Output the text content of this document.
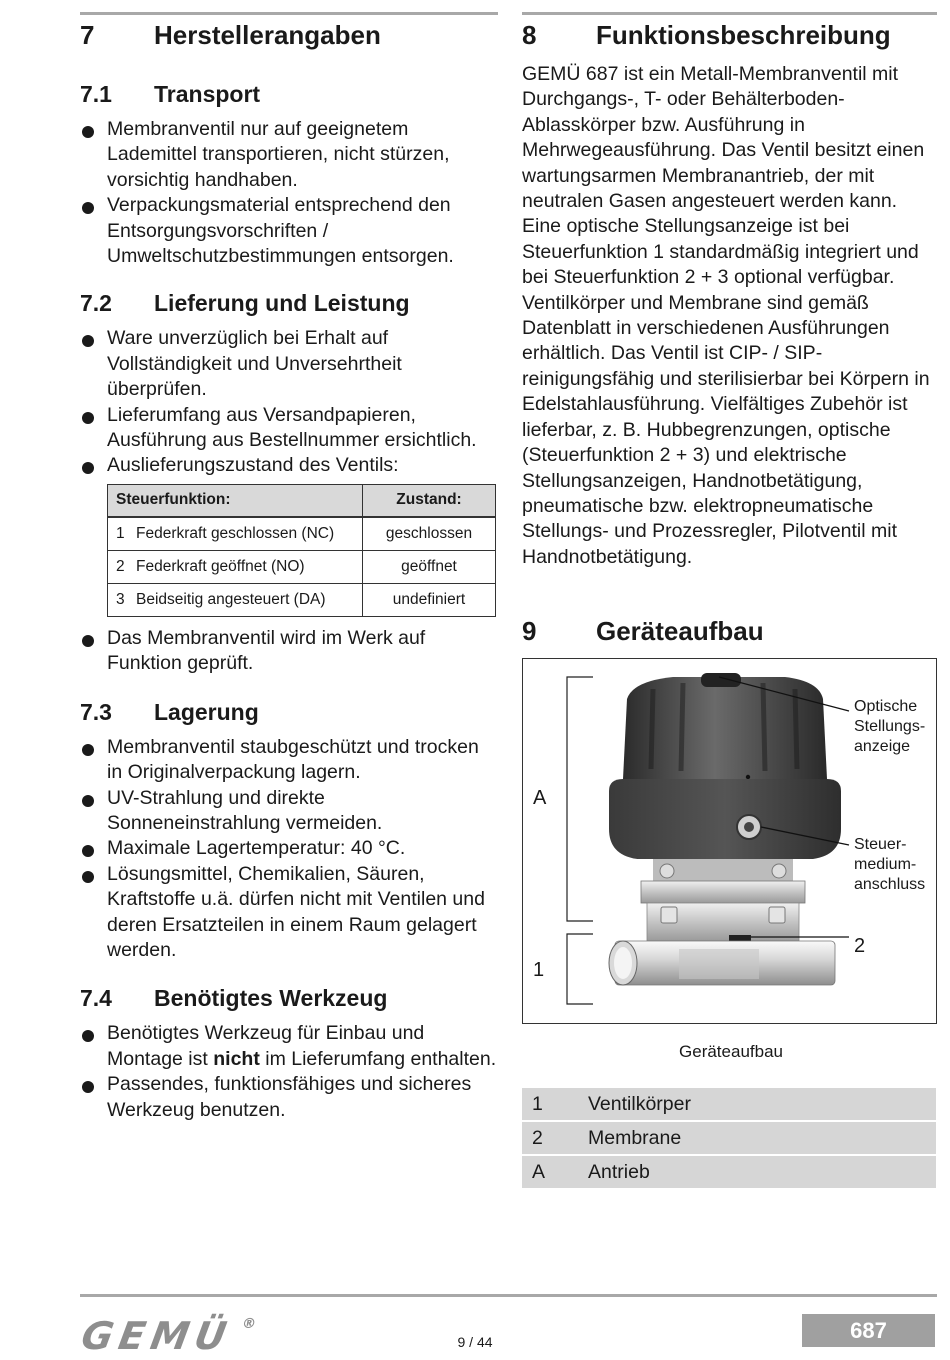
7	Herstellerangaben
7.1	Transport
Membranventil nur auf geeignetem Lademittel transportieren, nicht stürzen, vorsichtig handhaben.
Verpackungsmaterial entsprechend den Entsorgungsvorschriften / Umweltschutzbestimmungen entsorgen.
7.2	Lieferung und Leistung
Ware unverzüglich bei Erhalt auf Vollständigkeit und Unversehrtheit überprüfen.
Lieferumfang aus Versandpapieren, Ausführung aus Bestellnummer ersichtlich.
Auslieferungszustand des Ventils:
Steuerfunktion:	Zustand:
1 Federkraft geschlossen (NC)	geschlossen
2 Federkraft geöffnet (NO)	geöffnet
3 Beidseitig angesteuert (DA)	undefiniert
Das Membranventil wird im Werk auf Funktion geprüft.
7.3	Lagerung
Membranventil staubgeschützt und trocken in Originalverpackung lagern.
UV-Strahlung und direkte Sonneneinstrahlung vermeiden.
Maximale Lagertemperatur: 40 °C.
Lösungsmittel, Chemikalien, Säuren, Kraftstoffe u.ä. dürfen nicht mit Ventilen und deren Ersatzteilen in einem Raum gelagert werden.
7.4	Benötigtes Werkzeug
Benötigtes Werkzeug für Einbau und Montage ist nicht im Lieferumfang enthalten.
Passendes, funktionsfähiges und sicheres Werkzeug benutzen.
8	Funktionsbeschreibung

GEMÜ 687 ist ein Metall-Membranventil mit Durchgangs-, T- oder Behälterboden-Ablasskörper bzw. Ausführung in Mehrwegeausführung. Das Ventil besitzt einen wartungsarmen Membranantrieb, der mit neutralen Gasen angesteuert werden kann. Eine optische Stellungsanzeige ist bei Steuerfunktion 1 standardmäßig integriert und bei Steuerfunktion 2 + 3 optional verfügbar. Ventilkörper und Membrane sind gemäß Datenblatt in verschiedenen Ausführungen erhältlich. Das Ventil ist CIP- / SIP-reinigungsfähig und sterilisierbar bei Körpern in Edelstahlausführung. Vielfältiges Zubehör ist lieferbar, z. B. Hubbegrenzungen, optische (Steuerfunktion 2 + 3) und elektrische Stellungsanzeigen, Handnotbetätigung, pneumatische bzw. elektropneumatische Stellungs- und Prozessregler, Pilotventil mit Handnotbetätigung.

9	Geräteaufbau
A
1
2
Optische Stellungs-anzeige
Steuer-medium-anschluss
Geräteaufbau
1	Ventilkörper
2	Membrane
A	Antrieb
GEMÜ ®
9 / 44	687
